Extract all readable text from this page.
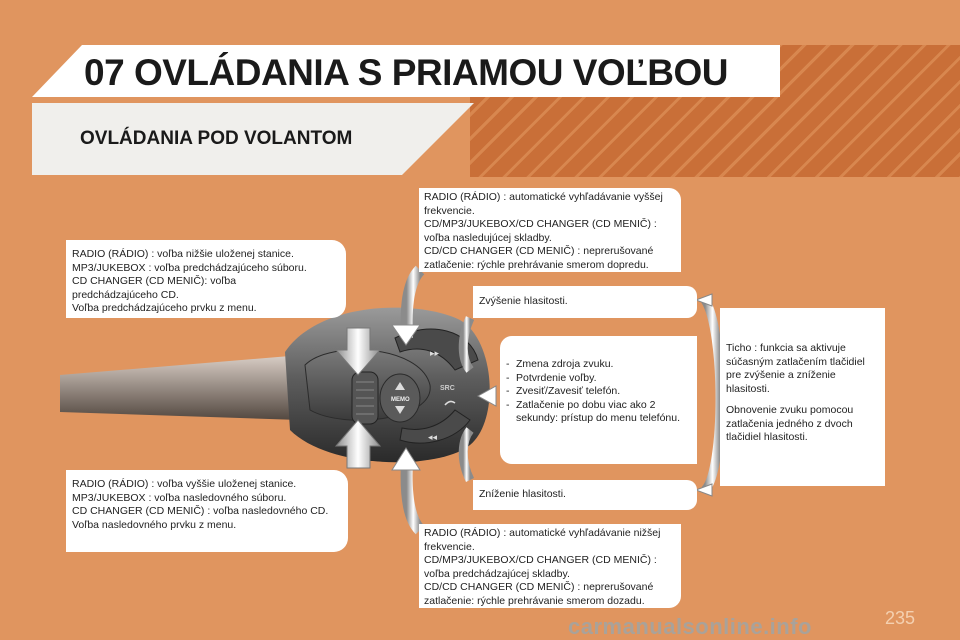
07 OVLÁDANIA S PRIAMOU VOĽBOU
OVLÁDANIA POD VOLANTOM
MEMO
SRC
▸▸
◂◂

RADIO (RÁDIO) : voľba nižšie uloženej stanice.

MP3/JUKEBOX : voľba predchádzajúceho súboru.

CD CHANGER (CD MENIČ): voľba

predchádzajúceho CD.

Voľba predchádzajúceho prvku z menu.

RADIO (RÁDIO) : voľba vyššie uloženej stanice.

MP3/JUKEBOX : voľba nasledovného súboru.

CD CHANGER (CD MENIČ) : voľba nasledovného CD.

Voľba nasledovného prvku z menu.

RADIO (RÁDIO) : automatické vyhľadávanie vyššej

frekvencie.

CD/MP3/JUKEBOX/CD CHANGER (CD MENIČ) :

voľba nasledujúcej skladby.

CD/CD CHANGER (CD MENIČ) : neprerušované

zatlačenie: rýchle prehrávanie smerom dopredu.

Zvýšenie hlasitosti.

- Zmena zdroja zvuku.
- Potvrdenie voľby.
- Zvesiť/Zavesiť telefón.
- Zatlačenie po dobu viac ako 2 sekundy: prístup do menu telefónu.

Zníženie hlasitosti.

Ticho : funkcia sa aktivuje súčasným zatlačením tlačidiel pre zvýšenie a zníženie hlasitosti.

Obnovenie zvuku pomocou zatlačenia jedného z dvoch tlačidiel hlasitosti.

RADIO (RÁDIO) : automatické vyhľadávanie nižšej

frekvencie.

CD/MP3/JUKEBOX/CD CHANGER (CD MENIČ) :

voľba predchádzajúcej skladby.

CD/CD CHANGER (CD MENIČ) : neprerušované

zatlačenie: rýchle prehrávanie smerom dozadu.

235
carmanualsonline.info
